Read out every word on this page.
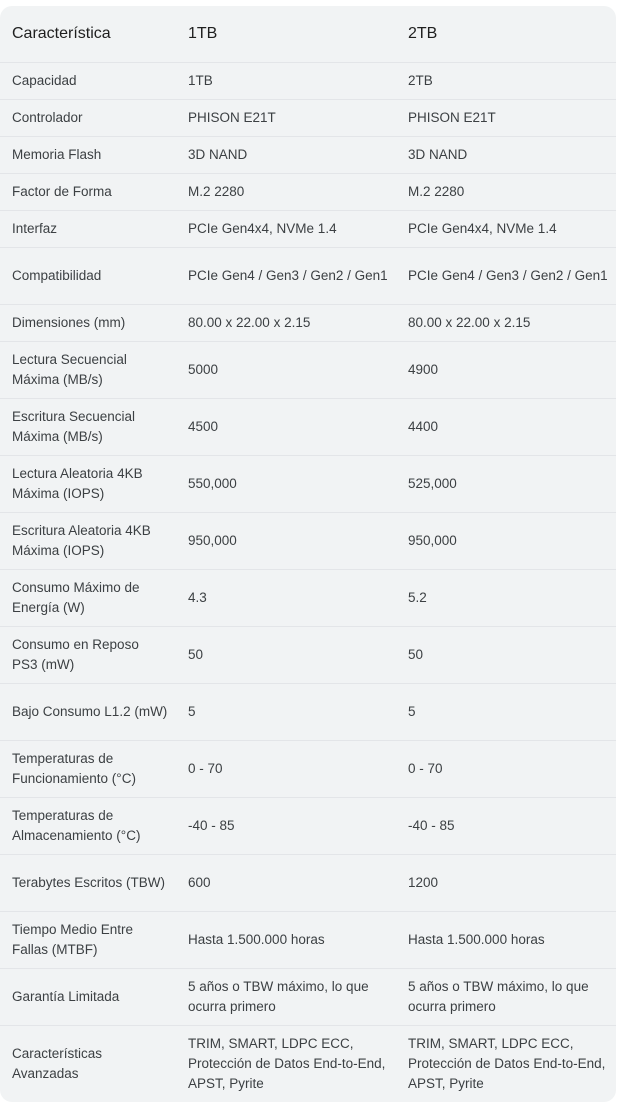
Característica	1TB	2TB
Capacidad	1TB	2TB
Controlador	PHISON E21T	PHISON E21T
Memoria Flash	3D NAND	3D NAND
Factor de Forma	M.2 2280	M.2 2280
Interfaz	PCIe Gen4x4, NVMe 1.4	PCIe Gen4x4, NVMe 1.4
Compatibilidad	PCIe Gen4 / Gen3 / Gen2 / Gen1	PCIe Gen4 / Gen3 / Gen2 / Gen1
Dimensiones (mm)	80.00 x 22.00 x 2.15	80.00 x 22.00 x 2.15
Lectura Secuencial Máxima (MB/s)	5000	4900
Escritura Secuencial Máxima (MB/s)	4500	4400
Lectura Aleatoria 4KB Máxima (IOPS)	550,000	525,000
Escritura Aleatoria 4KB Máxima (IOPS)	950,000	950,000
Consumo Máximo de Energía (W)	4.3	5.2
Consumo en Reposo PS3 (mW)	50	50
Bajo Consumo L1.2 (mW)	5	5
Temperaturas de Funcionamiento (°C)	0 - 70	0 - 70
Temperaturas de Almacenamiento (°C)	-40 - 85	-40 - 85
Terabytes Escritos (TBW)	600	1200
Tiempo Medio Entre Fallas (MTBF)	Hasta 1.500.000 horas	Hasta 1.500.000 horas
Garantía Limitada	5 años o TBW máximo, lo que ocurra primero	5 años o TBW máximo, lo que ocurra primero
Características Avanzadas	TRIM, SMART, LDPC ECC, Protección de Datos End-to-End, APST, Pyrite	TRIM, SMART, LDPC ECC, Protección de Datos End-to-End, APST, Pyrite
